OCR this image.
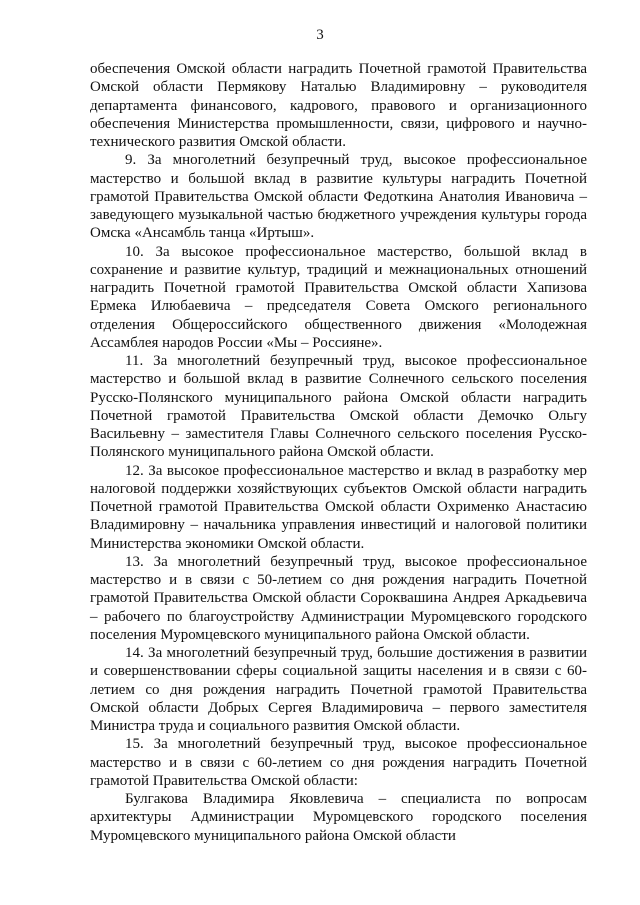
3

обеспечения Омской области наградить Почетной грамотой Правительства Омской области Пермякову Наталью Владимировну – руководителя департамента финансового, кадрового, правового и организационного обеспечения Министерства промышленности, связи, цифрового и научно-технического развития Омской области.

9. За многолетний безупречный труд, высокое профессиональное мастерство и большой вклад в развитие культуры наградить Почетной грамотой Правительства Омской области Федоткина Анатолия Ивановича – заведующего музыкальной частью бюджетного учреждения культуры города Омска «Ансамбль танца «Иртыш».

10. За высокое профессиональное мастерство, большой вклад в сохранение и развитие культур, традиций и межнациональных отношений наградить Почетной грамотой Правительства Омской области Хапизова Ермека Илюбаевича – председателя Совета Омского регионального отделения Общероссийского общественного движения «Молодежная Ассамблея народов России «Мы – Россияне».

11. За многолетний безупречный труд, высокое профессиональное мастерство и большой вклад в развитие Солнечного сельского поселения Русско-Полянского муниципального района Омской области наградить Почетной грамотой Правительства Омской области Демочко Ольгу Васильевну – заместителя Главы Солнечного сельского поселения Русско-Полянского муниципального района Омской области.

12. За высокое профессиональное мастерство и вклад в разработку мер налоговой поддержки хозяйствующих субъектов Омской области наградить Почетной грамотой Правительства Омской области Охрименко Анастасию Владимировну – начальника управления инвестиций и налоговой политики Министерства экономики Омской области.

13. За многолетний безупречный труд, высокое профессиональное мастерство и в связи с 50-летием со дня рождения наградить Почетной грамотой Правительства Омской области Сороквашина Андрея Аркадьевича – рабочего по благоустройству Администрации Муромцевского городского поселения Муромцевского муниципального района Омской области.

14. За многолетний безупречный труд, большие достижения в развитии и совершенствовании сферы социальной защиты населения и в связи с 60-летием со дня рождения наградить Почетной грамотой Правительства Омской области Добрых Сергея Владимировича – первого заместителя Министра труда и социального развития Омской области.

15. За многолетний безупречный труд, высокое профессиональное мастерство и в связи с 60-летием со дня рождения наградить Почетной грамотой Правительства Омской области:

Булгакова Владимира Яковлевича – специалиста по вопросам архитектуры Администрации Муромцевского городского поселения Муромцевского муниципального района Омской области
